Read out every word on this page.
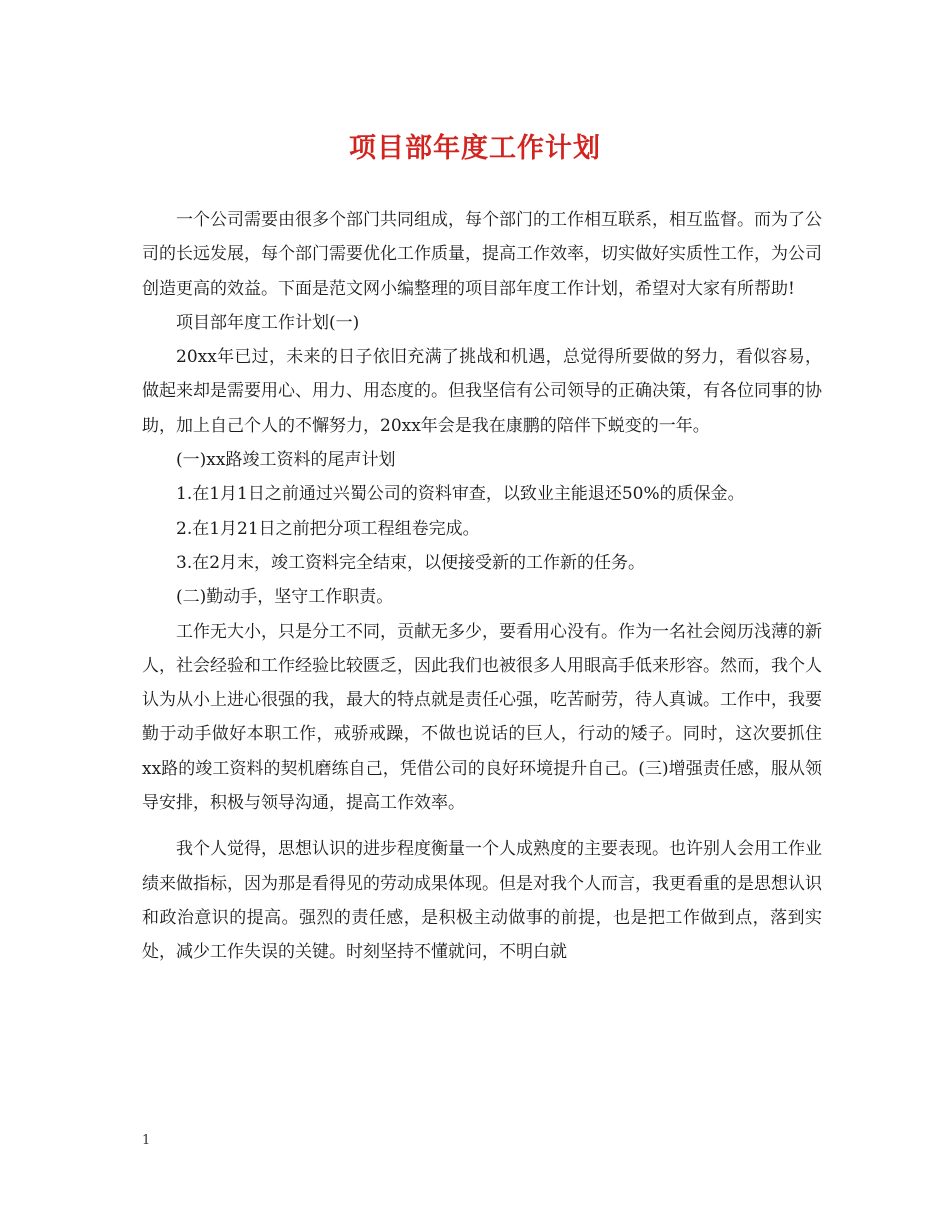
项目部年度工作计划

一个公司需要由很多个部门共同组成，每个部门的工作相互联系，相互监督。而为了公司的长远发展，每个部门需要优化工作质量，提高工作效率，切实做好实质性工作，为公司创造更高的效益。下面是范文网小编整理的项目部年度工作计划，希望对大家有所帮助!

项目部年度工作计划(一)

20xx年已过，未来的日子依旧充满了挑战和机遇，总觉得所要做的努力，看似容易，做起来却是需要用心、用力、用态度的。但我坚信有公司领导的正确决策，有各位同事的协助，加上自己个人的不懈努力，20xx年会是我在康鹏的陪伴下蜕变的一年。

(一)xx路竣工资料的尾声计划

1.在1月1日之前通过兴蜀公司的资料审查，以致业主能退还50%的质保金。

2.在1月21日之前把分项工程组卷完成。

3.在2月末，竣工资料完全结束，以便接受新的工作新的任务。

(二)勤动手，坚守工作职责。

工作无大小，只是分工不同，贡献无多少，要看用心没有。作为一名社会阅历浅薄的新人，社会经验和工作经验比较匮乏，因此我们也被很多人用眼高手低来形容。然而，我个人认为从小上进心很强的我，最大的特点就是责任心强，吃苦耐劳，待人真诚。工作中，我要勤于动手做好本职工作，戒骄戒躁，不做也说话的巨人，行动的矮子。同时，这次要抓住xx路的竣工资料的契机磨练自己，凭借公司的良好环境提升自己。(三)增强责任感，服从领导安排，积极与领导沟通，提高工作效率。

我个人觉得，思想认识的进步程度衡量一个人成熟度的主要表现。也许别人会用工作业绩来做指标，因为那是看得见的劳动成果体现。但是对我个人而言，我更看重的是思想认识和政治意识的提高。强烈的责任感，是积极主动做事的前提，也是把工作做到点，落到实处，减少工作失误的关键。时刻坚持不懂就问，不明白就

1
